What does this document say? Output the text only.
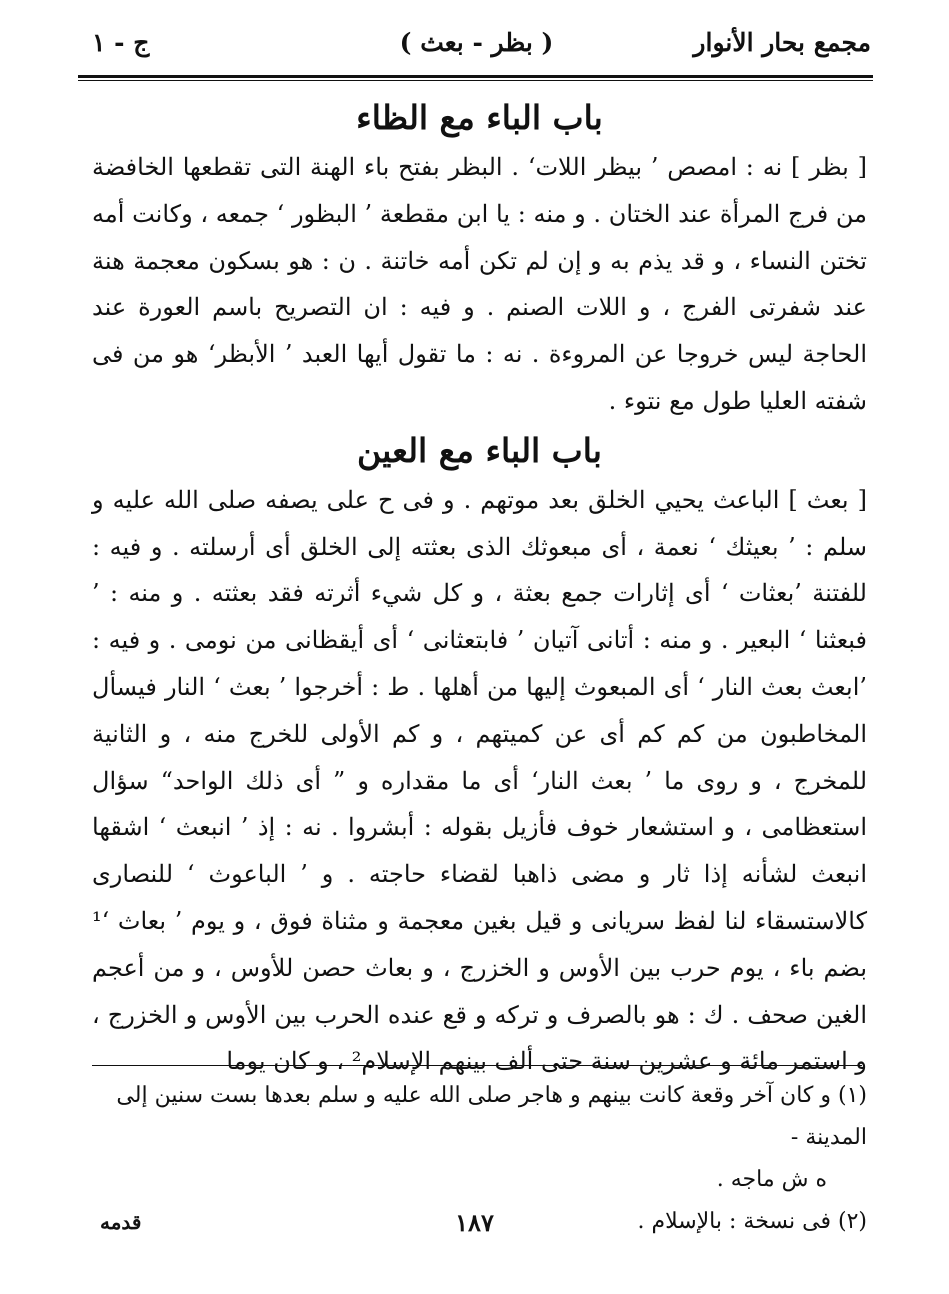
مجمع بحار الأنوار
( بظر - بعث )
ج - ١
باب الباء مع الظاء

[ بظر ] نه : امصص ’ بيظر اللات‘ . البظر بفتح باء الهنة التى تقطعها الخافضة من فرج المرأة عند الختان . و منه : يا ابن مقطعة ’ البظور ‘ جمعه ، وكانت أمه تختن النساء ، و قد يذم به و إن لم تكن أمه خاتنة . ن : هو بسكون معجمة هنة عند شفرتى الفرج ، و اللات الصنم . و فيه : ان التصريح باسم العورة عند الحاجة ليس خروجا عن المروءة . نه : ما تقول أيها العبد ’ الأبظر‘ هو من فى شفته العليا طول مع نتوء .

باب الباء مع العين

[ بعث ] الباعث يحيي الخلق بعد موتهم . و فى ح على يصفه صلى الله عليه و سلم : ’ بعيثك ‘ نعمة ، أى مبعوثك الذى بعثته إلى الخلق أى أرسلته . و فيه : للفتنة ’بعثات ‘ أى إثارات جمع بعثة ، و كل شيء أثرته فقد بعثته . و منه : ’ فبعثنا ‘ البعير . و منه : أتانى آتيان ’ فابتعثانى ‘ أى أيقظانى من نومى . و فيه : ’ابعث بعث النار ‘ أى المبعوث إليها من أهلها . ط : أخرجوا ’ بعث ‘ النار فيسأل المخاطبون من كم كم أى عن كميتهم ، و كم الأولى للخرج منه ، و الثانية للمخرج ، و روى ما ’ بعث النار‘ أى ما مقداره و ” أى ذلك الواحد“ سؤال استعظامى ، و استشعار خوف فأزيل بقوله : أبشروا . نه : إذ ’ انبعث ‘ اشقها انبعث لشأنه إذا ثار و مضى ذاهبا لقضاء حاجته . و ’ الباعوث ‘ للنصارى كالاستسقاء لنا لفظ سريانى و قيل بغين معجمة و مثناة فوق ، و يوم ’ بعاث ‘¹ بضم باء ، يوم حرب بين الأوس و الخزرج ، و بعاث حصن للأوس ، و من أعجم الغين صحف . ك : هو بالصرف و تركه و قع عنده الحرب بين الأوس و الخزرج ، و استمر مائة و عشرين سنة حتى ألف بينهم الإسلام² ، و كان يوما

(١) و كان آخر وقعة كانت بينهم و هاجر صلى الله عليه و سلم بعدها بست سنين إلى المدينة -

ه ش ماجه .

(٢) فى نسخة : بالإسلام .

١٨٧
قدمه
